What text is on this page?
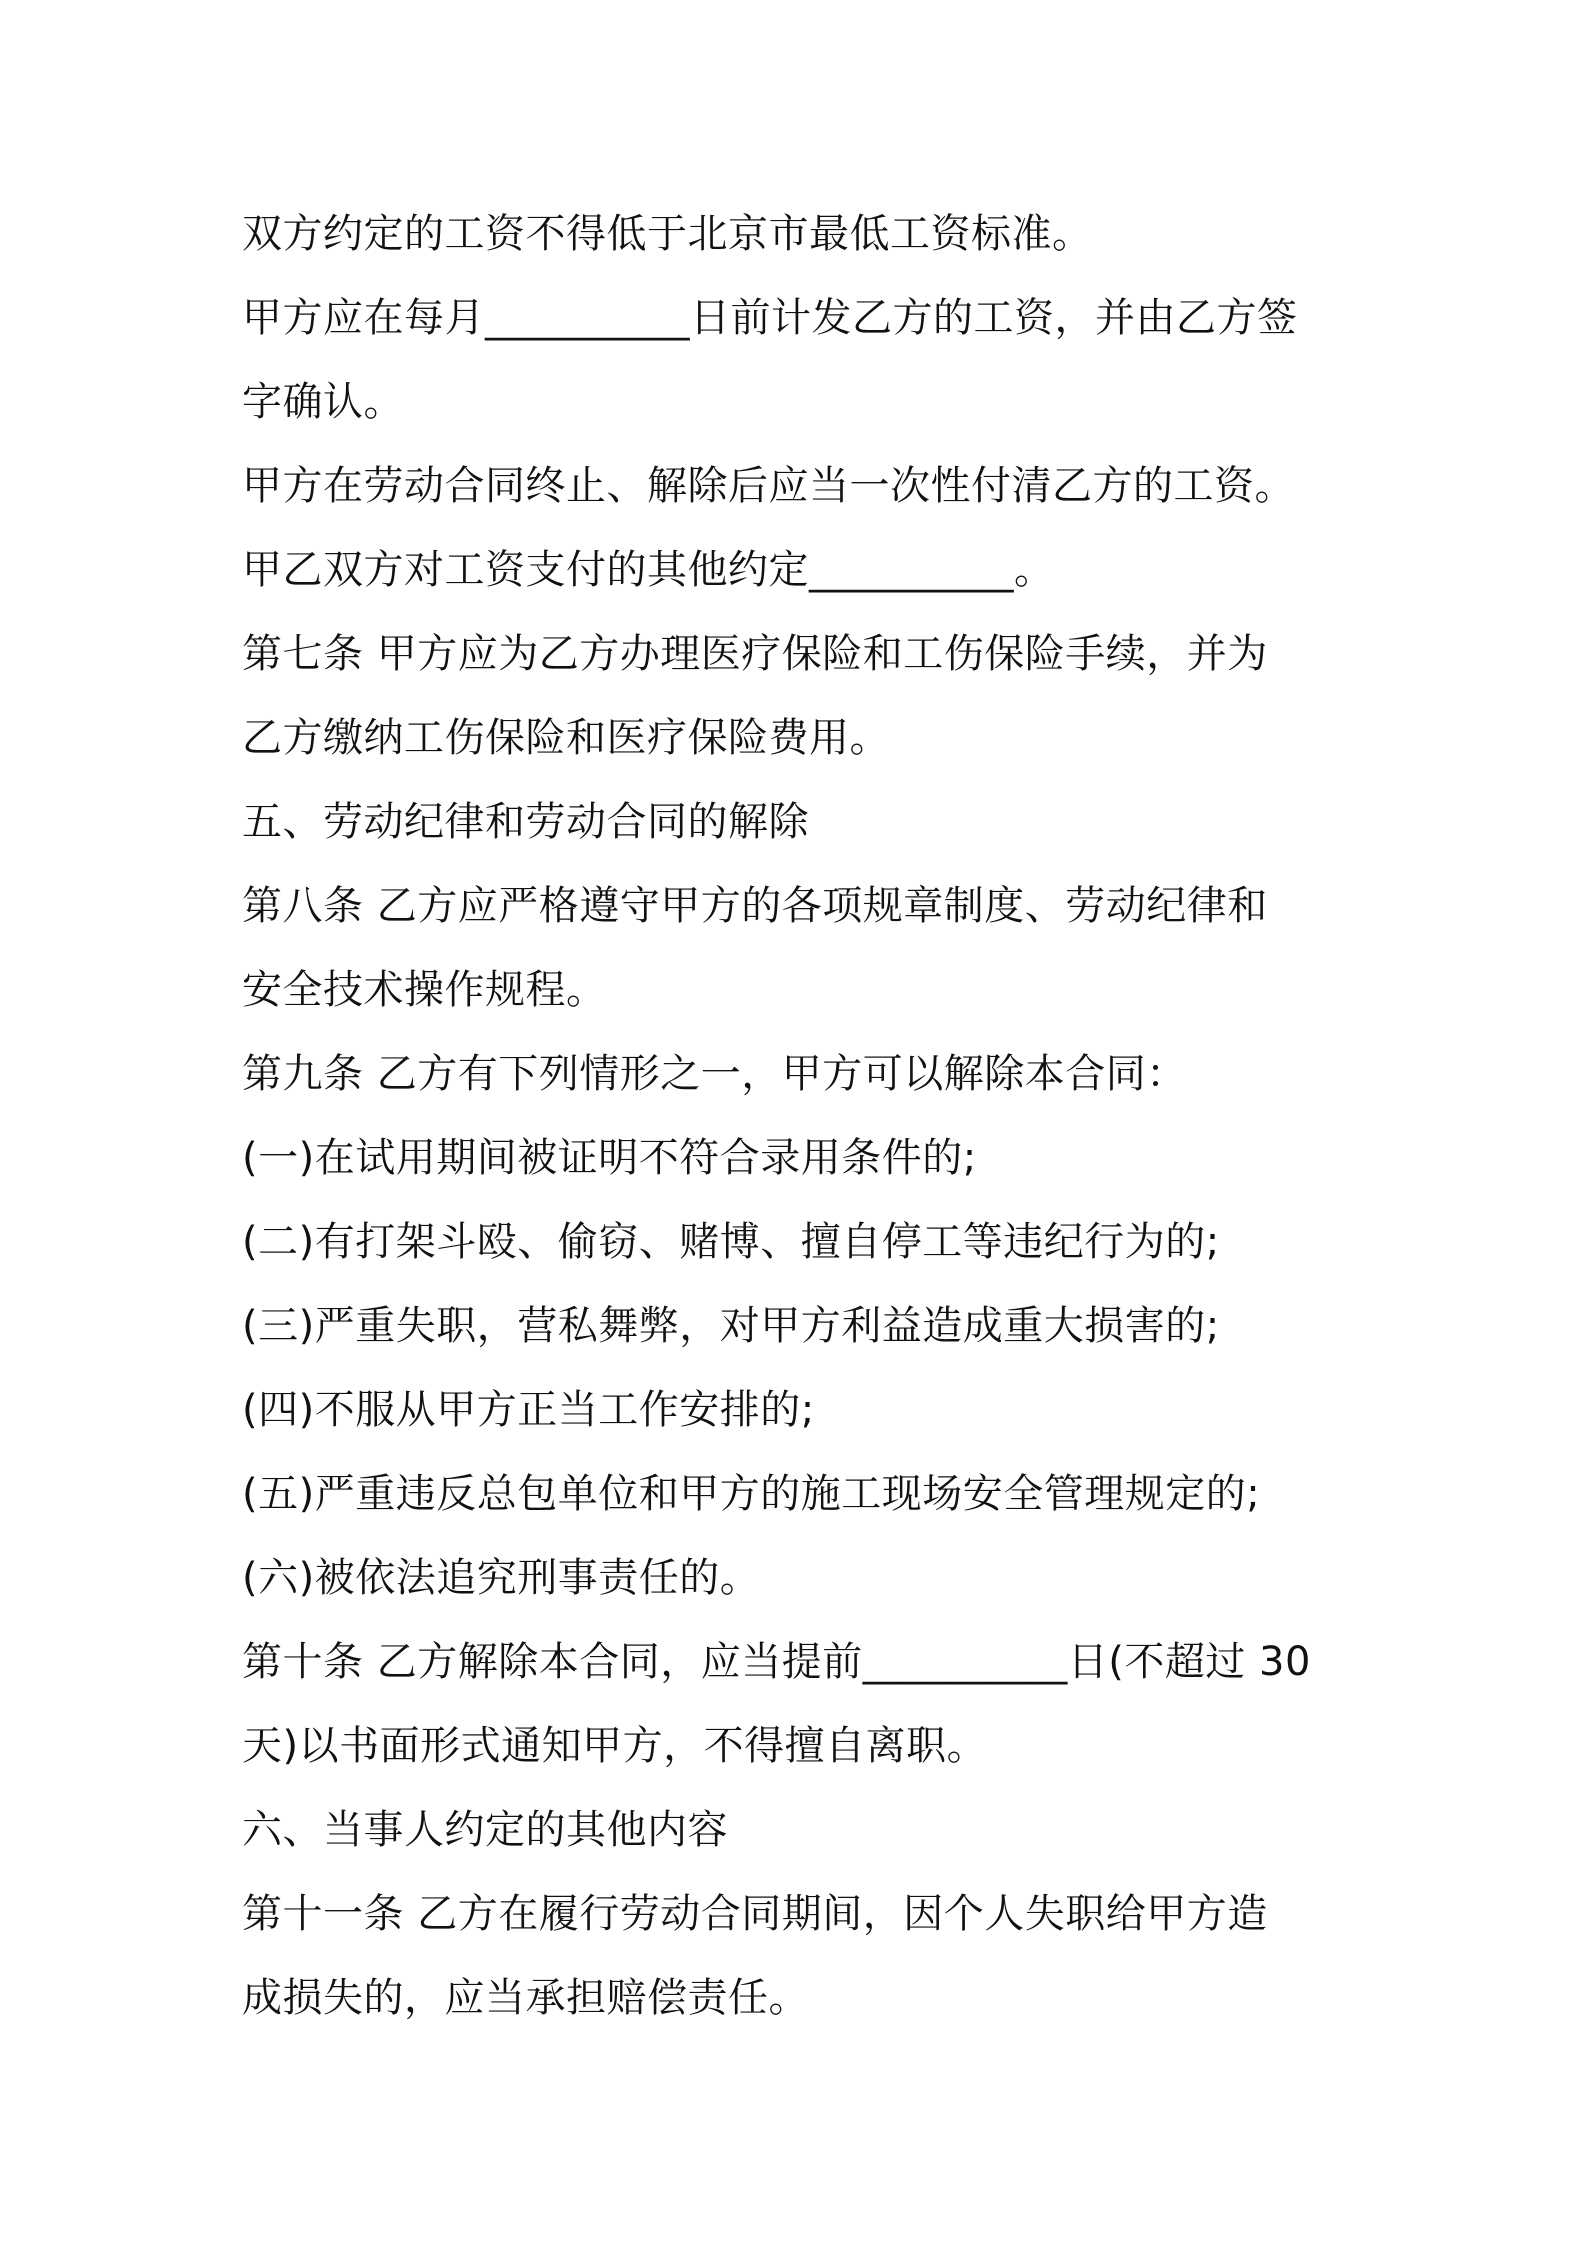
双方约定的工资不得低于北京市最低工资标准。
甲方应在每月__________日前计发乙方的工资，并由乙方签
字确认。
甲方在劳动合同终止、解除后应当一次性付清乙方的工资。
甲乙双方对工资支付的其他约定__________。
第七条 甲方应为乙方办理医疗保险和工伤保险手续，并为
乙方缴纳工伤保险和医疗保险费用。
五、劳动纪律和劳动合同的解除
第八条 乙方应严格遵守甲方的各项规章制度、劳动纪律和
安全技术操作规程。
第九条 乙方有下列情形之一，甲方可以解除本合同：
(一)在试用期间被证明不符合录用条件的;
(二)有打架斗殴、偷窃、赌博、擅自停工等违纪行为的;
(三)严重失职，营私舞弊，对甲方利益造成重大损害的;
(四)不服从甲方正当工作安排的;
(五)严重违反总包单位和甲方的施工现场安全管理规定的;
(六)被依法追究刑事责任的。
第十条 乙方解除本合同，应当提前__________日(不超过 30
天)以书面形式通知甲方，不得擅自离职。
六、当事人约定的其他内容
第十一条 乙方在履行劳动合同期间，因个人失职给甲方造
成损失的，应当承担赔偿责任。
